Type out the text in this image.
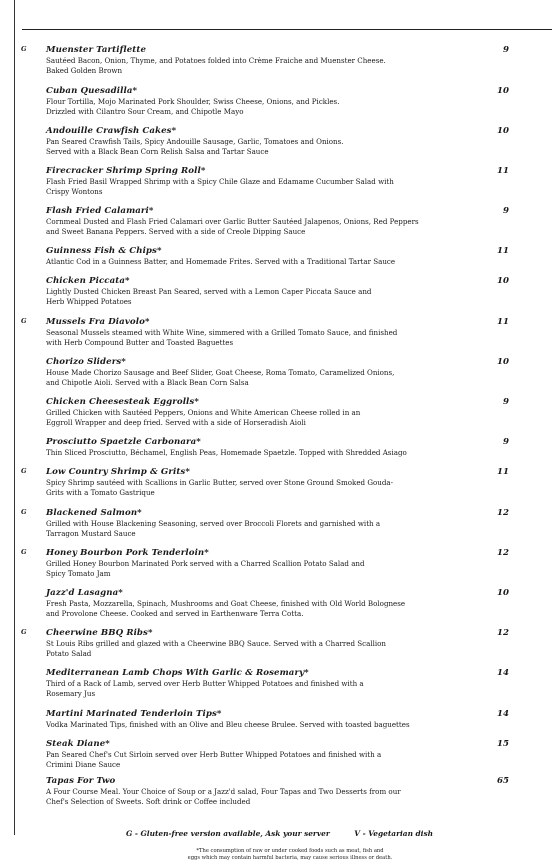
G Muenster Tartiflette	9
Sautéed Bacon, Onion, Thyme, and Potatoes folded into Crème Fraiche and Muenster Cheese.
Baked Golden Brown
Cuban Quesadilla*	10
Flour Tortilla, Mojo Marinated Pork Shoulder, Swiss Cheese, Onions, and Pickles.
Drizzled with Cilantro Sour Cream, and Chipotle Mayo
Andouille Crawfish Cakes*	10
Pan Seared Crawfish Tails, Spicy Andouille Sausage, Garlic, Tomatoes and Onions.
Served with a Black Bean Corn Relish Salsa and Tartar Sauce
Firecracker Shrimp Spring Roll*	11
Flash Fried Basil Wrapped Shrimp with a Spicy Chile Glaze and Edamame Cucumber Salad with
Crispy Wontons
Flash Fried Calamari*	9
Cornmeal Dusted and Flash Fried Calamari over Garlic Butter Sautéed Jalapenos, Onions, Red Peppers
and Sweet Banana Peppers. Served with a side of Creole Dipping Sauce
Guinness Fish & Chips*	11
Atlantic Cod in a Guinness Batter, and Homemade Frites. Served with a Traditional Tartar Sauce
Chicken Piccata*	10
Lightly Dusted Chicken Breast Pan Seared, served with a Lemon Caper Piccata Sauce and
Herb Whipped Potatoes
G Mussels Fra Diavolo*	11
Seasonal Mussels steamed with White Wine, simmered with a Grilled Tomato Sauce, and finished
with Herb Compound Butter and Toasted Baguettes
Chorizo Sliders*	10
House Made Chorizo Sausage and Beef Slider, Goat Cheese, Roma Tomato, Caramelized Onions,
and Chipotle Aioli. Served with a Black Bean Corn Salsa
Chicken Cheesesteak Eggrolls*	9
Grilled Chicken with Sautéed Peppers, Onions and White American Cheese rolled in an
Eggroll Wrapper and deep fried. Served with a side of Horseradish Aioli
Prosciutto Spaetzle Carbonara*	9
Thin Sliced Prosciutto, Béchamel, English Peas, Homemade Spaetzle. Topped with Shredded Asiago
G Low Country Shrimp & Grits*	11
Spicy Shrimp sautéed with Scallions in Garlic Butter, served over Stone Ground Smoked Gouda-
Grits with a Tomato Gastrique
G Blackened Salmon*	12
Grilled with House Blackening Seasoning, served over Broccoli Florets and garnished with a
Tarragon Mustard Sauce
G Honey Bourbon Pork Tenderloin*	12
Grilled Honey Bourbon Marinated Pork served with a Charred Scallion Potato Salad and
Spicy Tomato Jam
Jazz'd Lasagna*	10
Fresh Pasta, Mozzarella, Spinach, Mushrooms and Goat Cheese, finished with Old World Bolognese
and Provolone Cheese. Cooked and served in Earthenware Terra Cotta.
G Cheerwine BBQ Ribs*	12
St Louis Ribs grilled and glazed with a Cheerwine BBQ Sauce. Served with a Charred Scallion
Potato Salad
Mediterranean Lamb Chops With Garlic & Rosemary*	14
Third of a Rack of Lamb, served over Herb Butter Whipped Potatoes and finished with a
Rosemary Jus
Martini Marinated Tenderloin Tips*	14
Vodka Marinated Tips, finished with an Olive and Bleu cheese Brulee. Served with toasted baguettes
Steak Diane*	15
Pan Seared Chef's Cut Sirloin served over Herb Butter Whipped Potatoes and finished with a
Crimini Diane Sauce
Tapas For Two	65
A Four Course Meal. Your Choice of Soup or a Jazz'd salad, Four Tapas and Two Desserts from our
Chef's Selection of Sweets. Soft drink or Coffee included
G - Gluten-free version available, Ask your server	V - Vegetarian dish
*The consumption of raw or under cooked foods such as meat, fish and
eggs which may contain harmful bacteria, may cause serious illness or death.
